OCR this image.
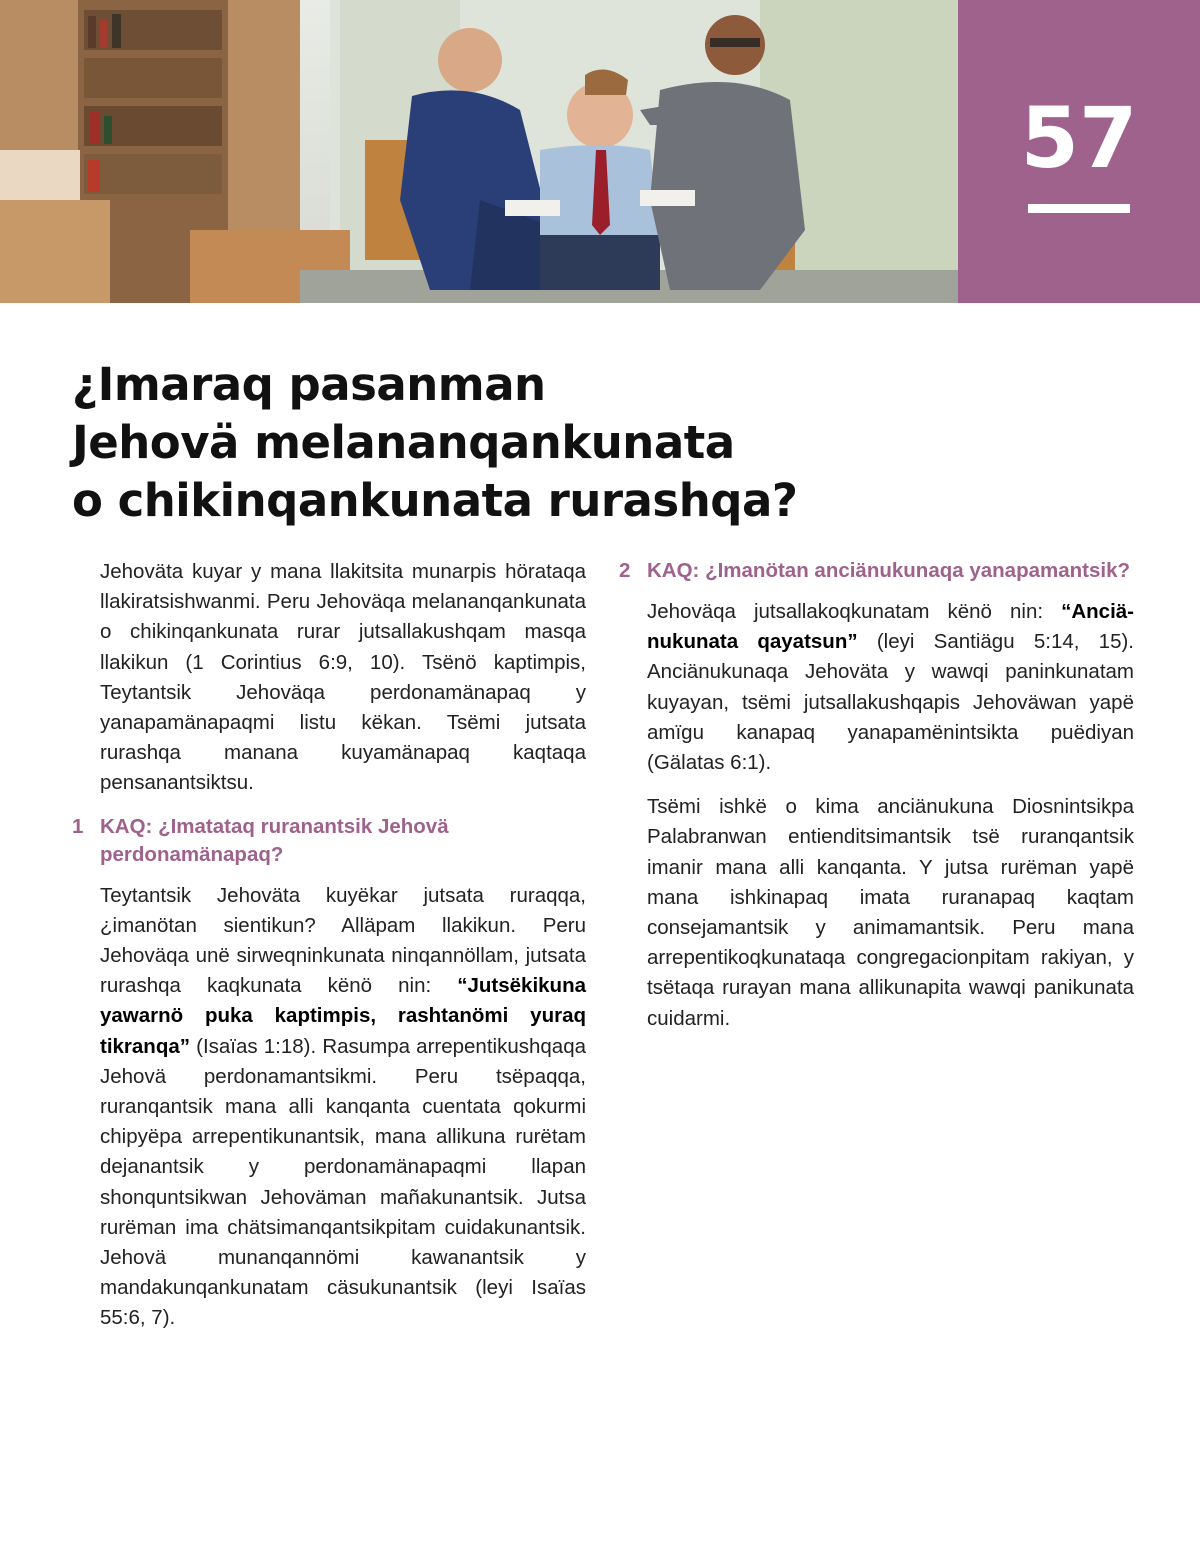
57
¿Imaraq pasanman
Jehovä melananqankunata
o chikinqankunata rurashqa?

Jehoväta kuyar y mana llakitsita munarpis hörataqa llakiratsishwanmi. Peru Jehoväqa melananqankunata o chikinqankunata rurar jutsallakushqam masqa llakikun (1 Corintius 6:9, 10). Tsënö kaptimpis, Teytantsik Jehoväqa perdonamänapaq y yanapamänapaqmi listu këkan. Tsëmi jutsata rurashqa manana kuyamänapaq kaqtaqa pensanantsiktsu.

1 KAQ: ¿Imatataq ruranantsik Jehovä perdonamänapaq?

Teytantsik Jehoväta kuyëkar jutsata ruraqqa, ¿imanötan sientikun? Alläpam llakikun. Peru Jehoväqa unë sirweqninkunata ninqannöllam, jutsata rurashqa kaqkunata kënö nin: “Jutsëkikuna yawarnö puka kaptimpis, rashtanömi yuraq tikranqa” (Isaïas 1:18). Rasumpa arrepentikushqaqa Jehovä perdonamantsikmi. Peru tsëpaqqa, ruranqantsik mana alli kanqanta cuentata qokurmi chipyëpa arrepentikunantsik, mana allikuna rurëtam dejanantsik y perdonamänapaqmi llapan shonquntsikwan Jehoväman mañakunantsik. Jutsa rurëman ima chätsimanqantsikpitam cuidakunantsik. Jehovä munanqannömi kawanantsik y mandakunqankunatam cäsukunantsik (leyi Isaïas 55:6, 7).

2 KAQ: ¿Imanötan anciänukunaqa yanapamantsik?

Jehoväqa jutsallakoqkunatam kënö nin: “Anciänukunata qayatsun” (leyi Santiägu 5:14, 15). Anciänukunaqa Jehoväta y wawqi paninkunatam kuyayan, tsëmi jutsallakushqapis Jehoväwan yapë amïgu kanapaq yanapamënintsikta puëdiyan (Gälatas 6:1).

Tsëmi ishkë o kima anciänukuna Diosnintsikpa Palabranwan entienditsimantsik tsë ruranqantsik imanir mana alli kanqanta. Y jutsa rurëman yapë mana ishkinapaq imata ruranapaq kaqtam consejamantsik y animamantsik. Peru mana arrepentikoqkunataqa congregacionpitam rakiyan, y tsëtaqa rurayan mana allikunapita wawqi panikunata cuidarmi.
